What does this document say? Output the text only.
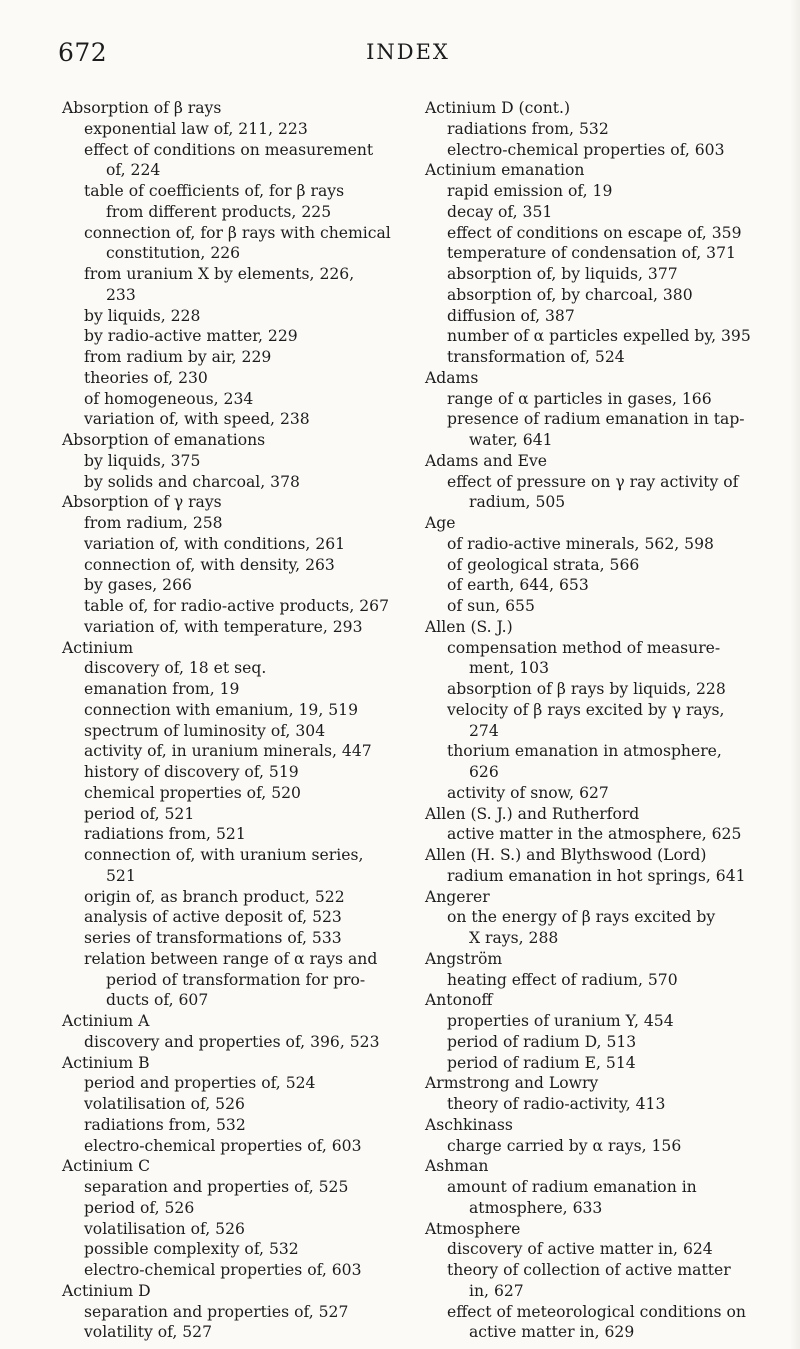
672	INDEX
Absorption of β rays
exponential law of, 211, 223
effect of conditions on measurement
of, 224
table of coefficients of, for β rays
from different products, 225
connection of, for β rays with chemical
constitution, 226
from uranium X by elements, 226,
233
by liquids, 228
by radio-active matter, 229
from radium by air, 229
theories of, 230
of homogeneous, 234
variation of, with speed, 238
Absorption of emanations
by liquids, 375
by solids and charcoal, 378
Absorption of γ rays
from radium, 258
variation of, with conditions, 261
connection of, with density, 263
by gases, 266
table of, for radio-active products, 267
variation of, with temperature, 293
Actinium
discovery of, 18 et seq.
emanation from, 19
connection with emanium, 19, 519
spectrum of luminosity of, 304
activity of, in uranium minerals, 447
history of discovery of, 519
chemical properties of, 520
period of, 521
radiations from, 521
connection of, with uranium series,
521
origin of, as branch product, 522
analysis of active deposit of, 523
series of transformations of, 533
relation between range of α rays and
period of transformation for pro-
ducts of, 607
Actinium A
discovery and properties of, 396, 523
Actinium B
period and properties of, 524
volatilisation of, 526
radiations from, 532
electro-chemical properties of, 603
Actinium C
separation and properties of, 525
period of, 526
volatilisation of, 526
possible complexity of, 532
electro-chemical properties of, 603
Actinium D
separation and properties of, 527
volatility of, 527
Actinium D (cont.)
radiations from, 532
electro-chemical properties of, 603
Actinium emanation
rapid emission of, 19
decay of, 351
effect of conditions on escape of, 359
temperature of condensation of, 371
absorption of, by liquids, 377
absorption of, by charcoal, 380
diffusion of, 387
number of α particles expelled by, 395
transformation of, 524
Adams
range of α particles in gases, 166
presence of radium emanation in tap-
water, 641
Adams and Eve
effect of pressure on γ ray activity of
radium, 505
Age
of radio-active minerals, 562, 598
of geological strata, 566
of earth, 644, 653
of sun, 655
Allen (S. J.)
compensation method of measure-
ment, 103
absorption of β rays by liquids, 228
velocity of β rays excited by γ rays,
274
thorium emanation in atmosphere,
626
activity of snow, 627
Allen (S. J.) and Rutherford
active matter in the atmosphere, 625
Allen (H. S.) and Blythswood (Lord)
radium emanation in hot springs, 641
Angerer
on the energy of β rays excited by
X rays, 288
Angström
heating effect of radium, 570
Antonoff
properties of uranium Y, 454
period of radium D, 513
period of radium E, 514
Armstrong and Lowry
theory of radio-activity, 413
Aschkinass
charge carried by α rays, 156
Ashman
amount of radium emanation in
atmosphere, 633
Atmosphere
discovery of active matter in, 624
theory of collection of active matter
in, 627
effect of meteorological conditions on
active matter in, 629
